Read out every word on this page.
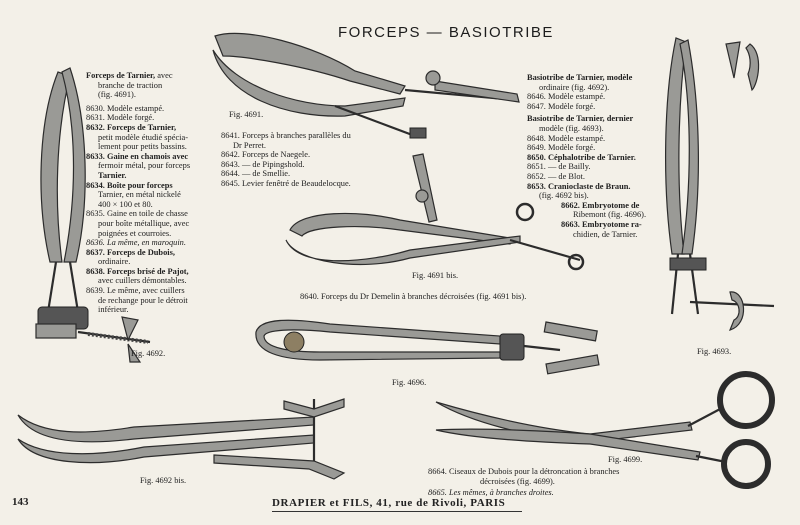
FORCEPS — BASIOTRIBE
Forceps de Tarnier, avec
branche de traction
(fig. 4691).
8630. Modèle estampé.
8631. Modèle forgé.
8632. Forceps de Tarnier,
petit modèle étudié spécia-
lement pour petits bassins.
8633. Gaine en chamois avec
fermoir métal, pour forceps
Tarnier.
8634. Boîte pour forceps
Tarnier, en métal nickelé
400 × 100 et 80.
8635. Gaine en toile de chasse
pour boîte métallique, avec
poignées et courroies.
8636. La même, en maroquin.
8637. Forceps de Dubois,
ordinaire.
8638. Forceps brisé de Pajot,
avec cuillers démontables.
8639. Le même, avec cuillers
de rechange pour le détroit
inférieur.
8641. Forceps à branches parallèles du
Dr Perret.
8642. Forceps de Naegele.
8643. — de Pipingshold.
8644. — de Smellie.
8645. Levier fenêtré de Beaudelocque.
Basiotribe de Tarnier, modèle
ordinaire (fig. 4692).
8646. Modèle estampé.
8647. Modèle forgé.
Basiotribe de Tarnier, dernier
modèle (fig. 4693).
8648. Modèle estampé.
8649. Modèle forgé.
8650. Céphalotribe de Tarnier.
8651. — de Bailly.
8652. — de Blot.
8653. Cranioclaste de Braun.
(fig. 4692 bis).
8662. Embryotome de
Ribemont (fig. 4696).
8663. Embryotome ra-
chidien, de Tarnier.
8640. Forceps du Dr Demelin à branches décroisées (fig. 4691 bis).
8664. Ciseaux de Dubois pour la détroncation à branches
décroisées (fig. 4699).
8665. Les mêmes, à branches droites.
Fig. 4691.
Fig. 4691 bis.
Fig. 4692.
Fig. 4692 bis.
Fig. 4693.
Fig. 4696.
Fig. 4699.
143	DRAPIER et FILS, 41, rue de Rivoli, PARIS
